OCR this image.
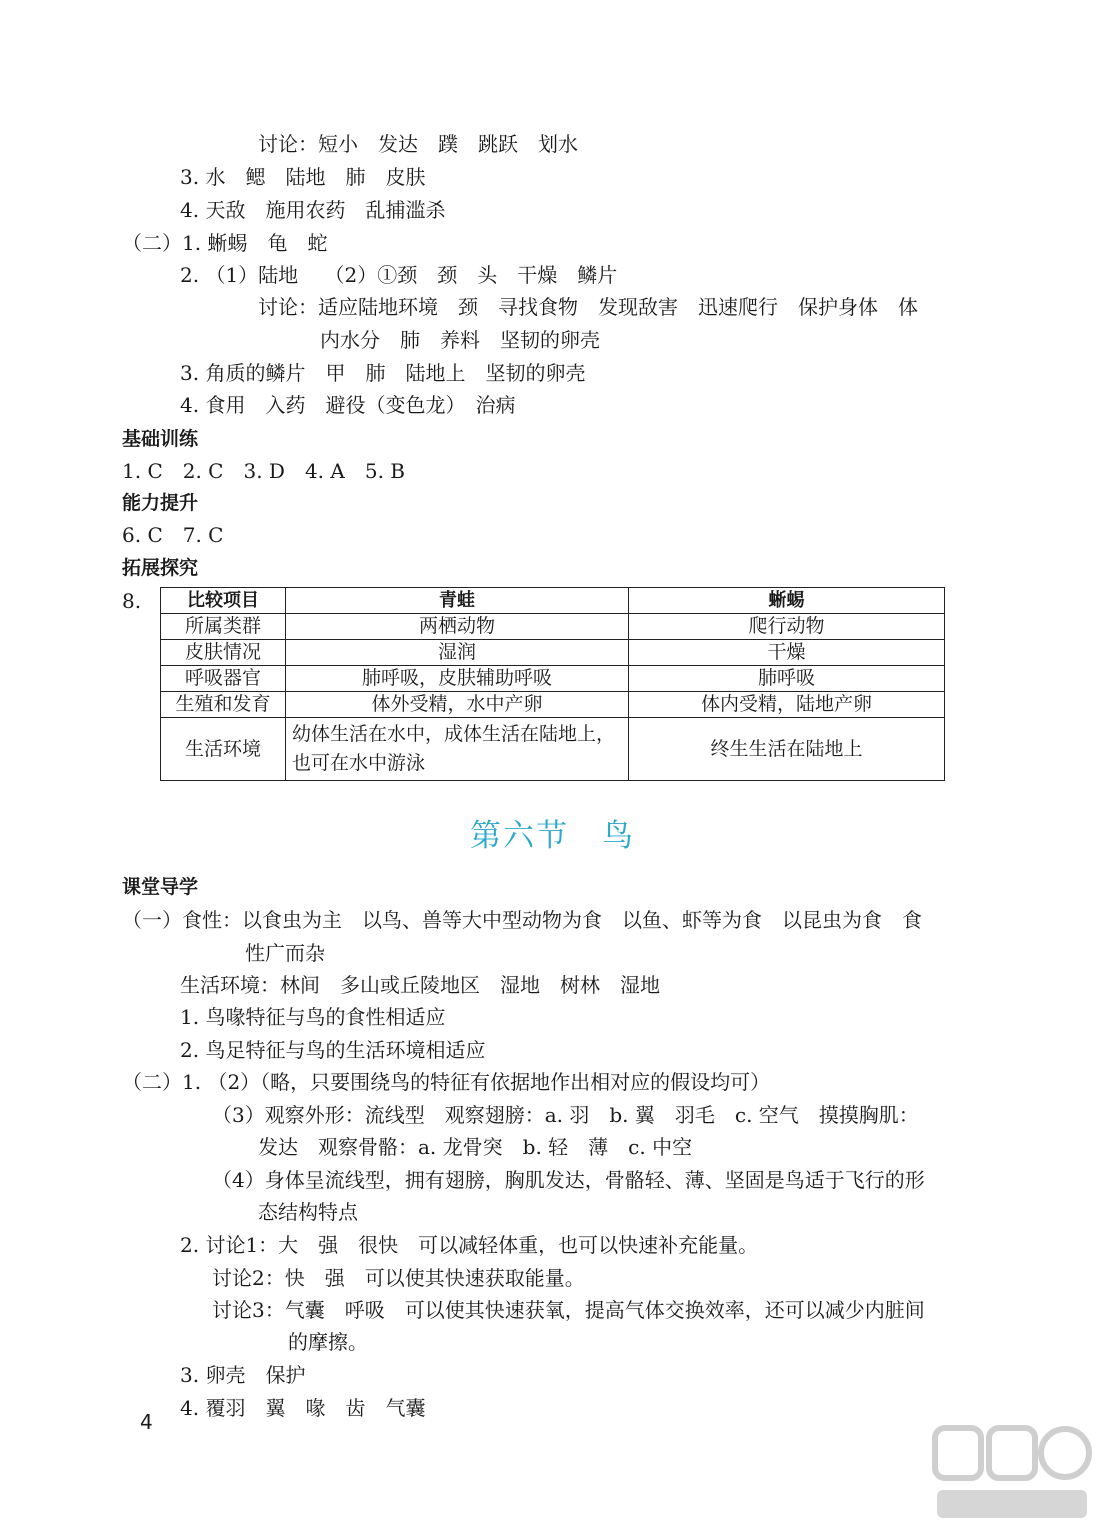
讨论：短小　发达　蹼　跳跃　划水
3. 水　鳃　陆地　肺　皮肤
4. 天敌　施用农药　乱捕滥杀
（二）1. 蜥蜴　龟　蛇
2. （1）陆地　 （2）①颈　颈　头　干燥　鳞片
讨论：适应陆地环境　颈　寻找食物　发现敌害　迅速爬行　保护身体　体
内水分　肺　养料　坚韧的卵壳
3. 角质的鳞片　甲　肺　陆地上　坚韧的卵壳
4. 食用　入药　避役（变色龙）　治病
基础训练
1. C　2. C　3. D　4. A　5. B
能力提升
6. C　7. C
拓展探究
8.	比较项目	青蛙	蜥蜴
所属类群	两栖动物	爬行动物
皮肤情况	湿润	干燥
呼吸器官	肺呼吸，皮肤辅助呼吸	肺呼吸
生殖和发育	体外受精，水中产卵	体内受精，陆地产卵
生活环境	幼体生活在水中，成体生活在陆地上，也可在水中游泳	终生生活在陆地上
第六节　鸟
课堂导学
（一）食性：以食虫为主　以鸟、兽等大中型动物为食　以鱼、虾等为食　以昆虫为食　食
性广而杂
生活环境：林间　多山或丘陵地区　湿地　树林　湿地
1. 鸟喙特征与鸟的食性相适应
2. 鸟足特征与鸟的生活环境相适应
（二）1. （2）（略，只要围绕鸟的特征有依据地作出相对应的假设均可）
（3）观察外形：流线型　观察翅膀：a. 羽　b. 翼　羽毛　c. 空气　摸摸胸肌：
发达　观察骨骼：a. 龙骨突　b. 轻　薄　c. 中空
（4）身体呈流线型，拥有翅膀，胸肌发达，骨骼轻、薄、坚固是鸟适于飞行的形
态结构特点
2. 讨论1：大　强　很快　可以减轻体重，也可以快速补充能量。
讨论2：快　强　可以使其快速获取能量。
讨论3：气囊　呼吸　可以使其快速获氧，提高气体交换效率，还可以减少内脏间
的摩擦。
3. 卵壳　保护
4. 覆羽　翼　喙　齿　气囊
4
